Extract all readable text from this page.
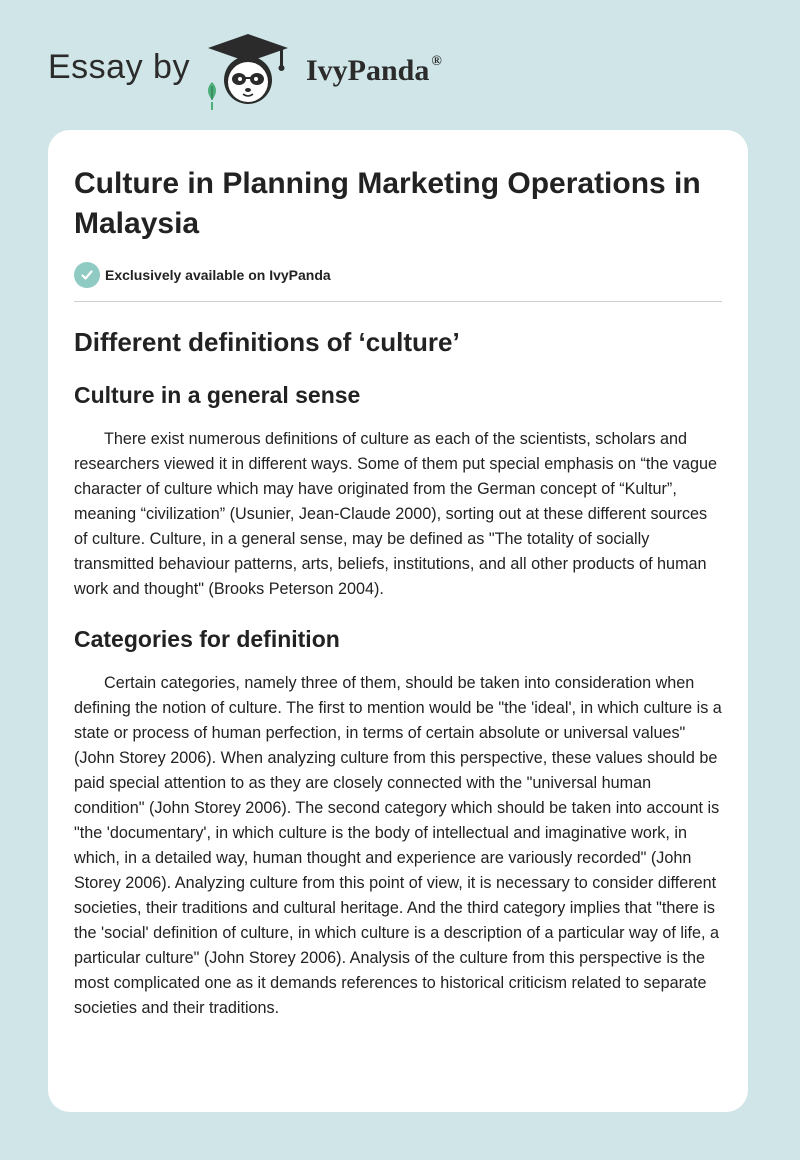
Essay by	IvyPanda ®
Culture in Planning Marketing Operations in Malaysia
Exclusively available on IvyPanda
Different definitions of ‘culture’
Culture in a general sense

There exist numerous definitions of culture as each of the scientists, scholars and researchers viewed it in different ways. Some of them put special emphasis on “the vague character of culture which may have originated from the German concept of “Kultur”, meaning “civilization” (Usunier, Jean-Claude 2000), sorting out at these different sources of culture. Culture, in a general sense, may be defined as "The totality of socially transmitted behaviour patterns, arts, beliefs, institutions, and all other products of human work and thought" (Brooks Peterson 2004).

Categories for definition

Certain categories, namely three of them, should be taken into consideration when defining the notion of culture. The first to mention would be "the 'ideal', in which culture is a state or process of human perfection, in terms of certain absolute or universal values" (John Storey 2006). When analyzing culture from this perspective, these values should be paid special attention to as they are closely connected with the "universal human condition" (John Storey 2006). The second category which should be taken into account is "the 'documentary', in which culture is the body of intellectual and imaginative work, in which, in a detailed way, human thought and experience are variously recorded" (John Storey 2006). Analyzing culture from this point of view, it is necessary to consider different societies, their traditions and cultural heritage. And the third category implies that "there is the 'social' definition of culture, in which culture is a description of a particular way of life, a particular culture" (John Storey 2006). Analysis of the culture from this perspective is the most complicated one as it demands references to historical criticism related to separate societies and their traditions.
